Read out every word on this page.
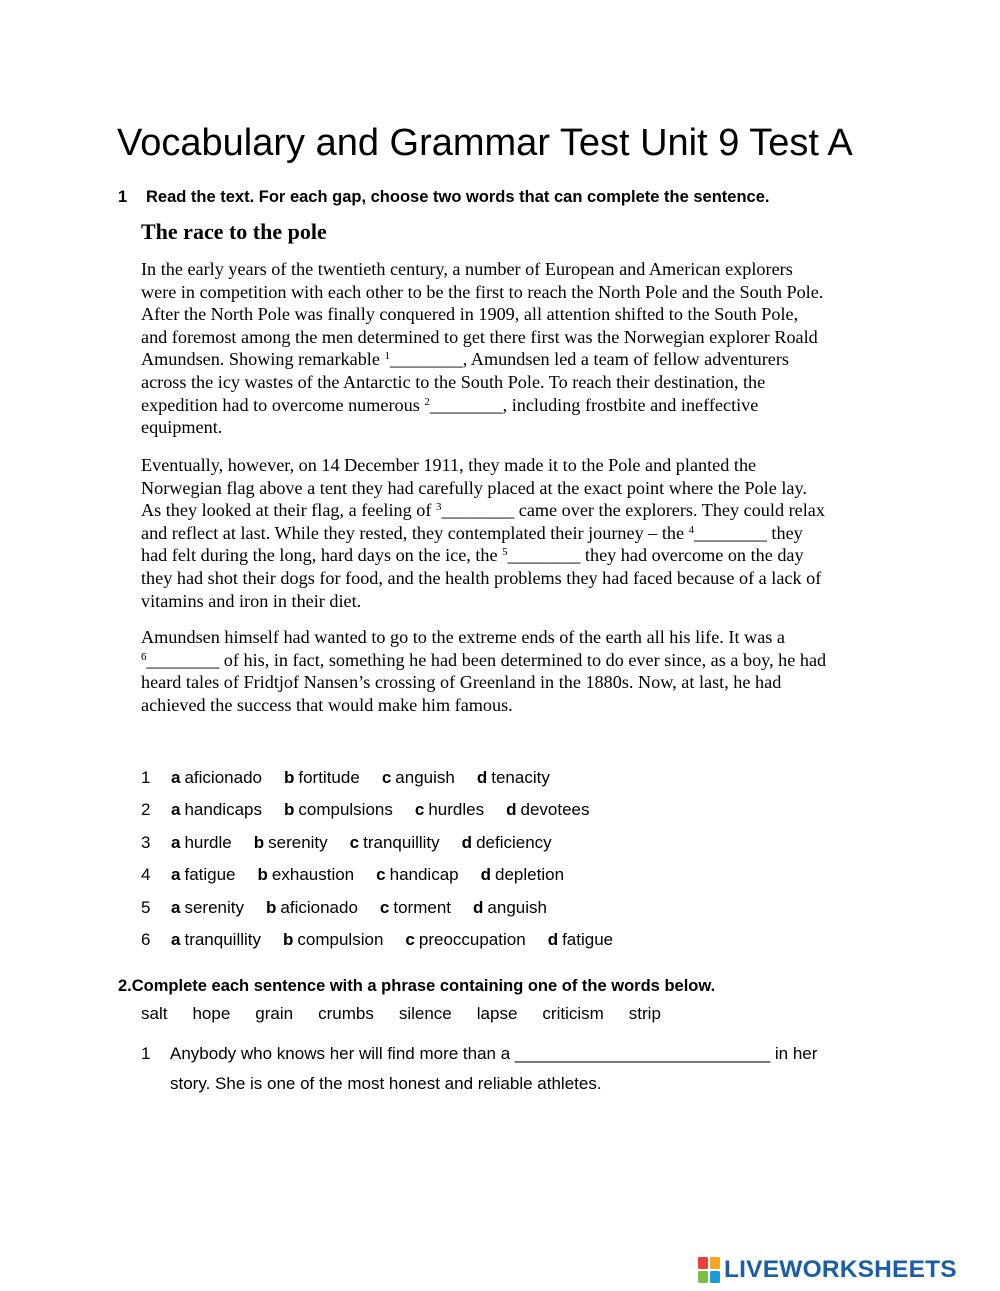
Vocabulary and Grammar Test Unit 9 Test A
1 Read the text. For each gap, choose two words that can complete the sentence.
The race to the pole
In the early years of the twentieth century, a number of European and American explorers
were in competition with each other to be the first to reach the North Pole and the South Pole.
After the North Pole was finally conquered in 1909, all attention shifted to the South Pole,
and foremost among the men determined to get there first was the Norwegian explorer Roald
Amundsen. Showing remarkable $^1$________, Amundsen led a team of fellow adventurers
across the icy wastes of the Antarctic to the South Pole. To reach their destination, the
expedition had to overcome numerous $^2$________, including frostbite and ineffective
equipment.
Eventually, however, on 14 December 1911, they made it to the Pole and planted the
Norwegian flag above a tent they had carefully placed at the exact point where the Pole lay.
As they looked at their flag, a feeling of $^3$________ came over the explorers. They could relax
and reflect at last. While they rested, they contemplated their journey – the $^4$________ they
had felt during the long, hard days on the ice, the $^5$________ they had overcome on the day
they had shot their dogs for food, and the health problems they had faced because of a lack of
vitamins and iron in their diet.
Amundsen himself had wanted to go to the extreme ends of the earth all his life. It was a
$^6$________ of his, in fact, something he had been determined to do ever since, as a boy, he had
heard tales of Fridtjof Nansen’s crossing of Greenland in the 1880s. Now, at last, he had
achieved the success that would make him famous.
1 a aficionado b fortitude c anguish d tenacity
2 a handicaps b compulsions c hurdles d devotees
3 a hurdle b serenity c tranquillity d deficiency
4 a fatigue b exhaustion c handicap d depletion
5 a serenity b aficionado c torment d anguish
6 a tranquillity b compulsion c preoccupation d fatigue
2.Complete each sentence with a phrase containing one of the words below.
salt hope grain crumbs silence lapse criticism strip
1 Anybody who knows her will find more than a ___________________________ in her
story. She is one of the most honest and reliable athletes.
LIVEWORKSHEETS
